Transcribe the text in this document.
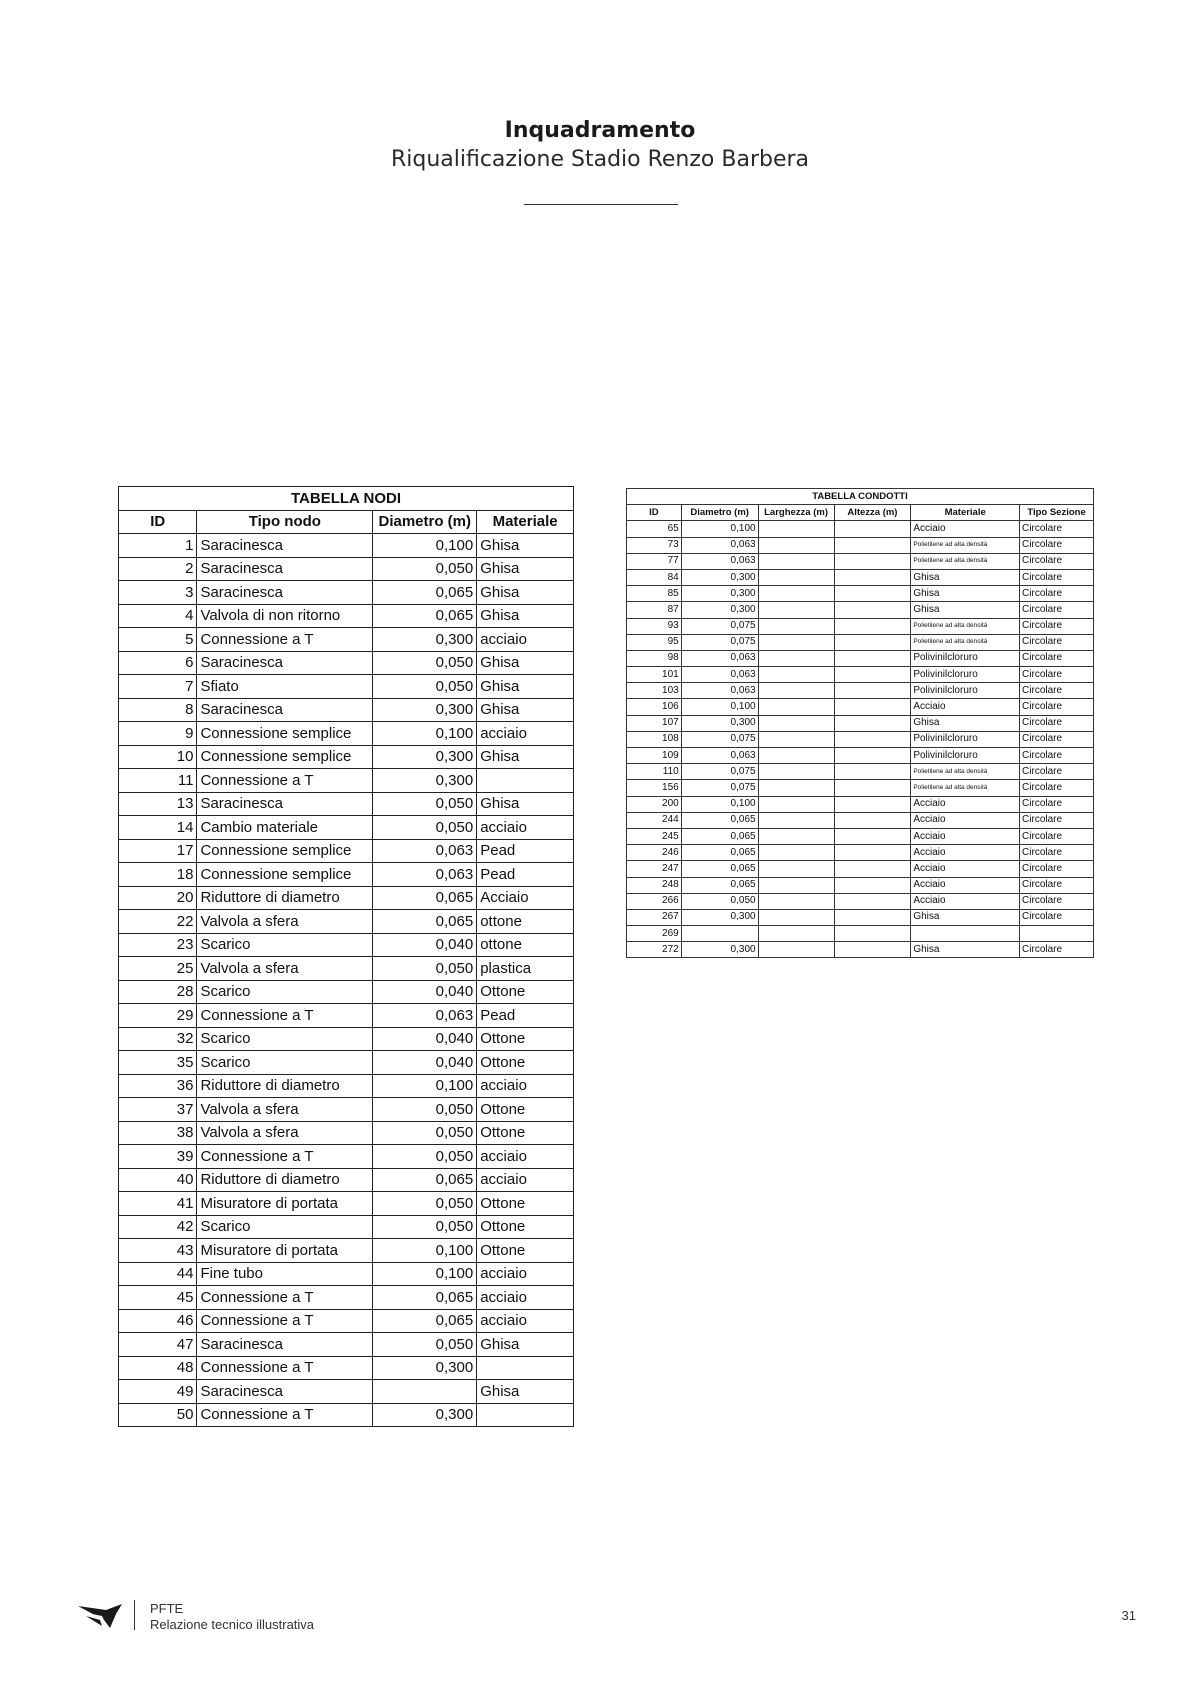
Inquadramento
Riqualificazione Stadio Renzo Barbera
TABELLA NODI			
ID	Tipo nodo	Diametro (m)	Materiale
1	Saracinesca	0,100	Ghisa
2	Saracinesca	0,050	Ghisa
3	Saracinesca	0,065	Ghisa
4	Valvola di non ritorno	0,065	Ghisa
5	Connessione a T	0,300	acciaio
6	Saracinesca	0,050	Ghisa
7	Sfiato	0,050	Ghisa
8	Saracinesca	0,300	Ghisa
9	Connessione semplice	0,100	acciaio
10	Connessione semplice	0,300	Ghisa
11	Connessione a T	0,300	
13	Saracinesca	0,050	Ghisa
14	Cambio materiale	0,050	acciaio
17	Connessione semplice	0,063	Pead
18	Connessione semplice	0,063	Pead
20	Riduttore di diametro	0,065	Acciaio
22	Valvola a sfera	0,065	ottone
23	Scarico	0,040	ottone
25	Valvola a sfera	0,050	plastica
28	Scarico	0,040	Ottone
29	Connessione a T	0,063	Pead
32	Scarico	0,040	Ottone
35	Scarico	0,040	Ottone
36	Riduttore di diametro	0,100	acciaio
37	Valvola a sfera	0,050	Ottone
38	Valvola a sfera	0,050	Ottone
39	Connessione a T	0,050	acciaio
40	Riduttore di diametro	0,065	acciaio
41	Misuratore di portata	0,050	Ottone
42	Scarico	0,050	Ottone
43	Misuratore di portata	0,100	Ottone
44	Fine tubo	0,100	acciaio
45	Connessione a T	0,065	acciaio
46	Connessione a T	0,065	acciaio
47	Saracinesca	0,050	Ghisa
48	Connessione a T	0,300	
49	Saracinesca		Ghisa
50	Connessione a T	0,300	
TABELLA CONDOTTI					
ID	Diametro (m)	Larghezza (m)	Altezza (m)	Materiale	Tipo Sezione
65	0,100			Acciaio	Circolare
73	0,063			Polietilene ad alta densità	Circolare
77	0,063			Polietilene ad alta densità	Circolare
84	0,300			Ghisa	Circolare
85	0,300			Ghisa	Circolare
87	0,300			Ghisa	Circolare
93	0,075			Polietilene ad alta densità	Circolare
95	0,075			Polietilene ad alta densità	Circolare
98	0,063			Polivinilcloruro	Circolare
101	0,063			Polivinilcloruro	Circolare
103	0,063			Polivinilcloruro	Circolare
106	0,100			Acciaio	Circolare
107	0,300			Ghisa	Circolare
108	0,075			Polivinilcloruro	Circolare
109	0,063			Polivinilcloruro	Circolare
110	0,075			Polietilene ad alta densità	Circolare
156	0,075			Polietilene ad alta densità	Circolare
200	0,100			Acciaio	Circolare
244	0,065			Acciaio	Circolare
245	0,065			Acciaio	Circolare
246	0,065			Acciaio	Circolare
247	0,065			Acciaio	Circolare
248	0,065			Acciaio	Circolare
266	0,050			Acciaio	Circolare
267	0,300			Ghisa	Circolare
269					
272	0,300			Ghisa	Circolare
PFTE
Relazione tecnico illustrativa
31
